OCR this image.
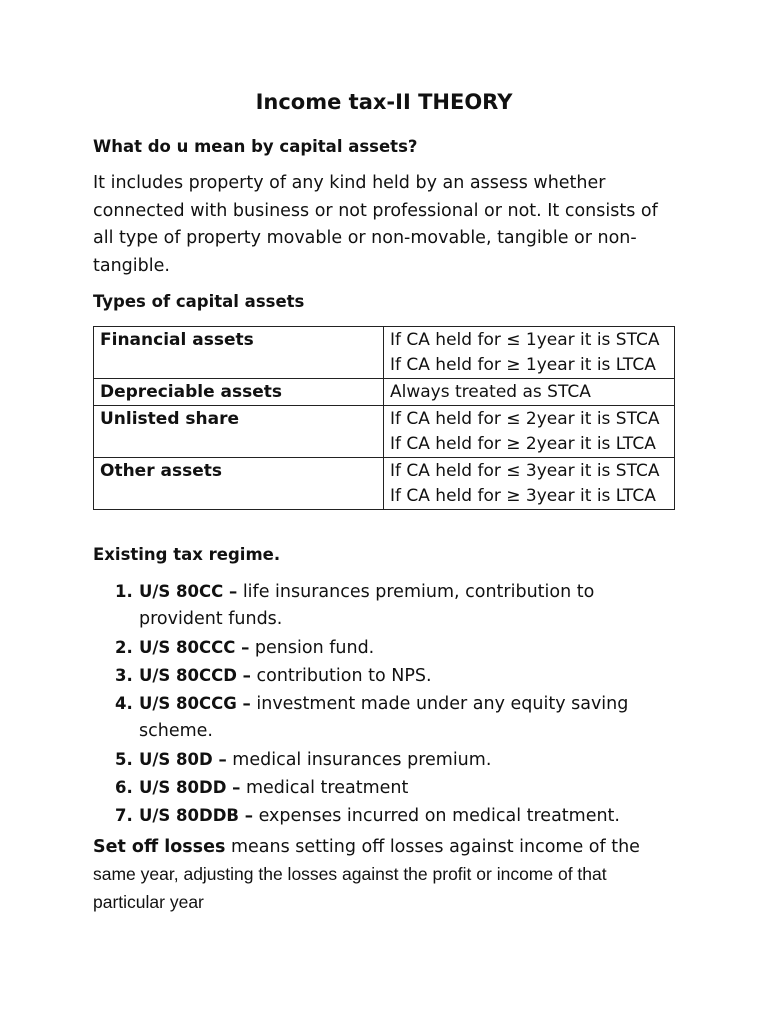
Income tax-II THEORY
What do u mean by capital assets?
It includes property of any kind held by an assess whether connected with business or not professional or not. It consists of all type of property movable or non-movable, tangible or non-tangible.
Types of capital assets
Financial assets	If CA held for ≤ 1year it is STCA
If CA held for ≥ 1year it is LTCA

Depreciable assets	Always treated as STCA

Unlisted share	If CA held for ≤ 2year it is STCA
If CA held for ≥ 2year it is LTCA

Other assets	If CA held for ≤ 3year it is STCA
If CA held for ≥ 3year it is LTCA
Existing tax regime.
1. U/S 80CC – life insurances premium, contribution to provident funds.
2. U/S 80CCC – pension fund.
3. U/S 80CCD – contribution to NPS.
4. U/S 80CCG – investment made under any equity saving scheme.
5. U/S 80D – medical insurances premium.
6. U/S 80DD – medical treatment
7. U/S 80DDB – expenses incurred on medical treatment.
Set off losses means setting off losses against income of the same year, adjusting the losses against the profit or income of that particular year
